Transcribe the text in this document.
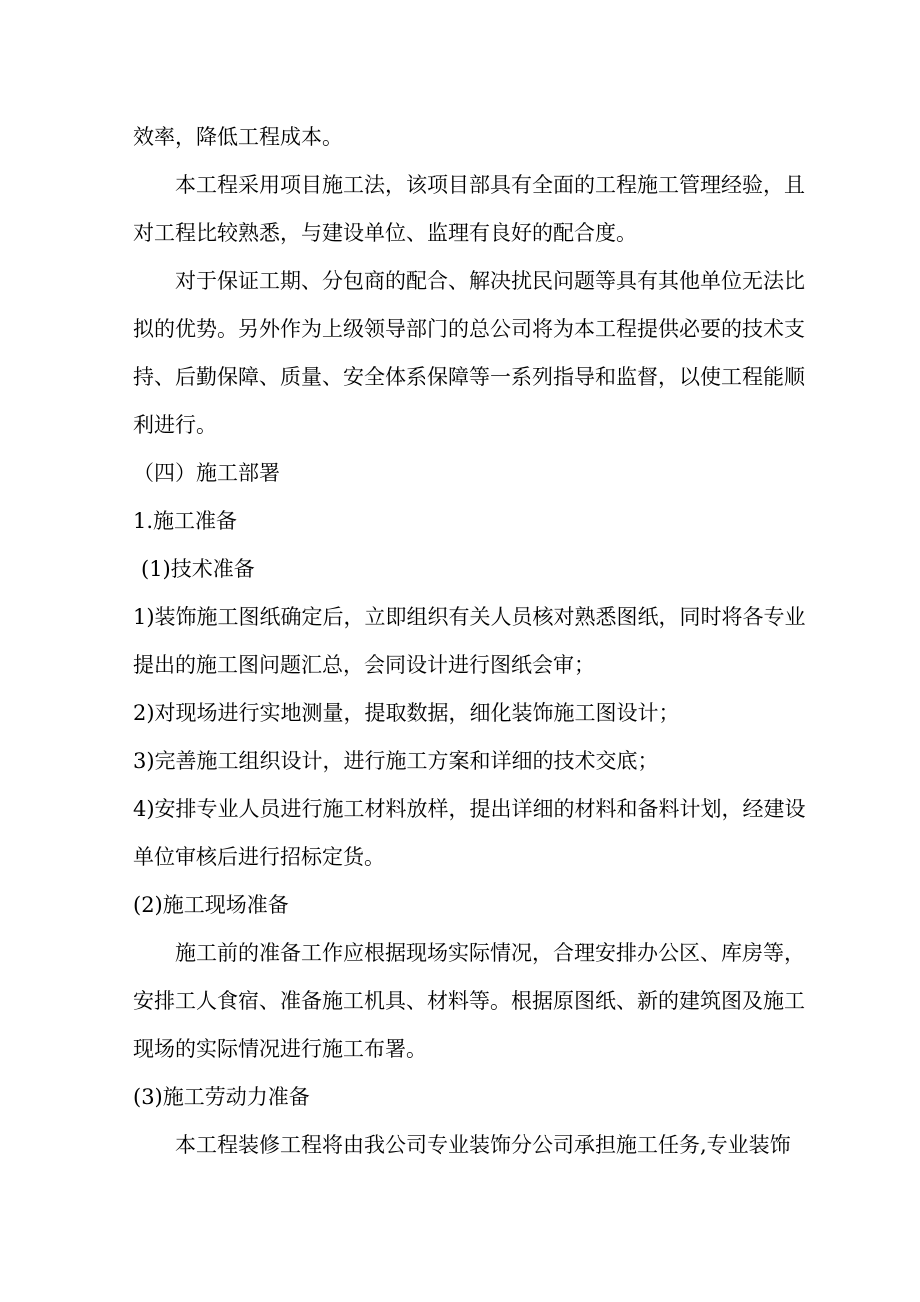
效率，降低工程成本。

本工程采用项目施工法，该项目部具有全面的工程施工管理经验，且对工程比较熟悉，与建设单位、监理有良好的配合度。

对于保证工期、分包商的配合、解决扰民问题等具有其他单位无法比拟的优势。另外作为上级领导部门的总公司将为本工程提供必要的技术支持、后勤保障、质量、安全体系保障等一系列指导和监督，以使工程能顺利进行。

（四）施工部署

1.施工准备

(1)技术准备

1)装饰施工图纸确定后，立即组织有关人员核对熟悉图纸，同时将各专业提出的施工图问题汇总，会同设计进行图纸会审；

2)对现场进行实地测量，提取数据，细化装饰施工图设计；

3)完善施工组织设计，进行施工方案和详细的技术交底；

4)安排专业人员进行施工材料放样，提出详细的材料和备料计划，经建设单位审核后进行招标定货。

(2)施工现场准备

施工前的准备工作应根据现场实际情况，合理安排办公区、库房等，安排工人食宿、准备施工机具、材料等。根据原图纸、新的建筑图及施工现场的实际情况进行施工布署。

(3)施工劳动力准备

本工程装修工程将由我公司专业装饰分公司承担施工任务,专业装饰
